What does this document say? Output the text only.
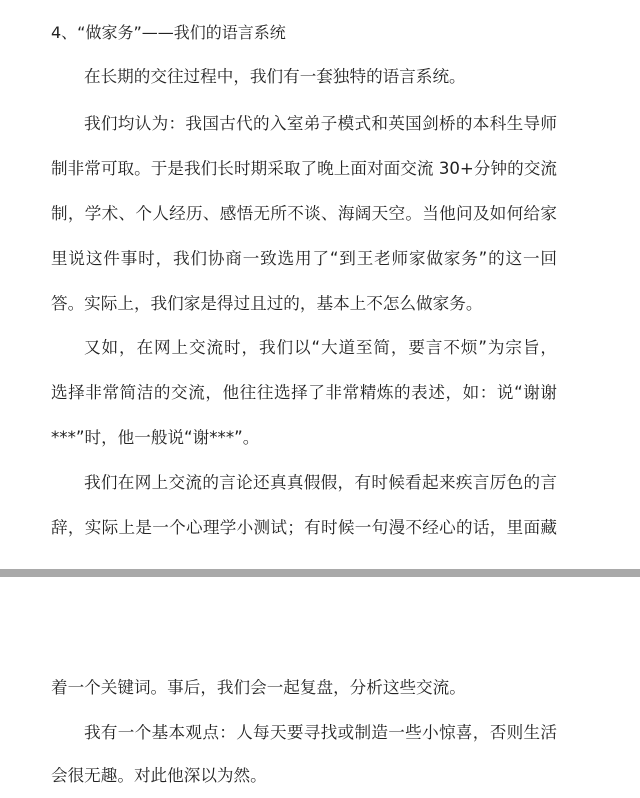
4、“做家务”——我们的语言系统
在长期的交往过程中，我们有一套独特的语言系统。
我们均认为：我国古代的入室弟子模式和英国剑桥的本科生导师
制非常可取。于是我们长时期采取了晚上面对面交流 30+分钟的交流
制，学术、个人经历、感悟无所不谈、海阔天空。当他问及如何给家
里说这件事时，我们协商一致选用了“到王老师家做家务”的这一回
答。实际上，我们家是得过且过的，基本上不怎么做家务。
又如，在网上交流时，我们以“大道至简，要言不烦”为宗旨，
选择非常简洁的交流，他往往选择了非常精炼的表述，如：说“谢谢
***”时，他一般说“谢***”。
我们在网上交流的言论还真真假假，有时候看起来疾言厉色的言
辞，实际上是一个心理学小测试；有时候一句漫不经心的话，里面藏
着一个关键词。事后，我们会一起复盘，分析这些交流。
我有一个基本观点：人每天要寻找或制造一些小惊喜，否则生活
会很无趣。对此他深以为然。
